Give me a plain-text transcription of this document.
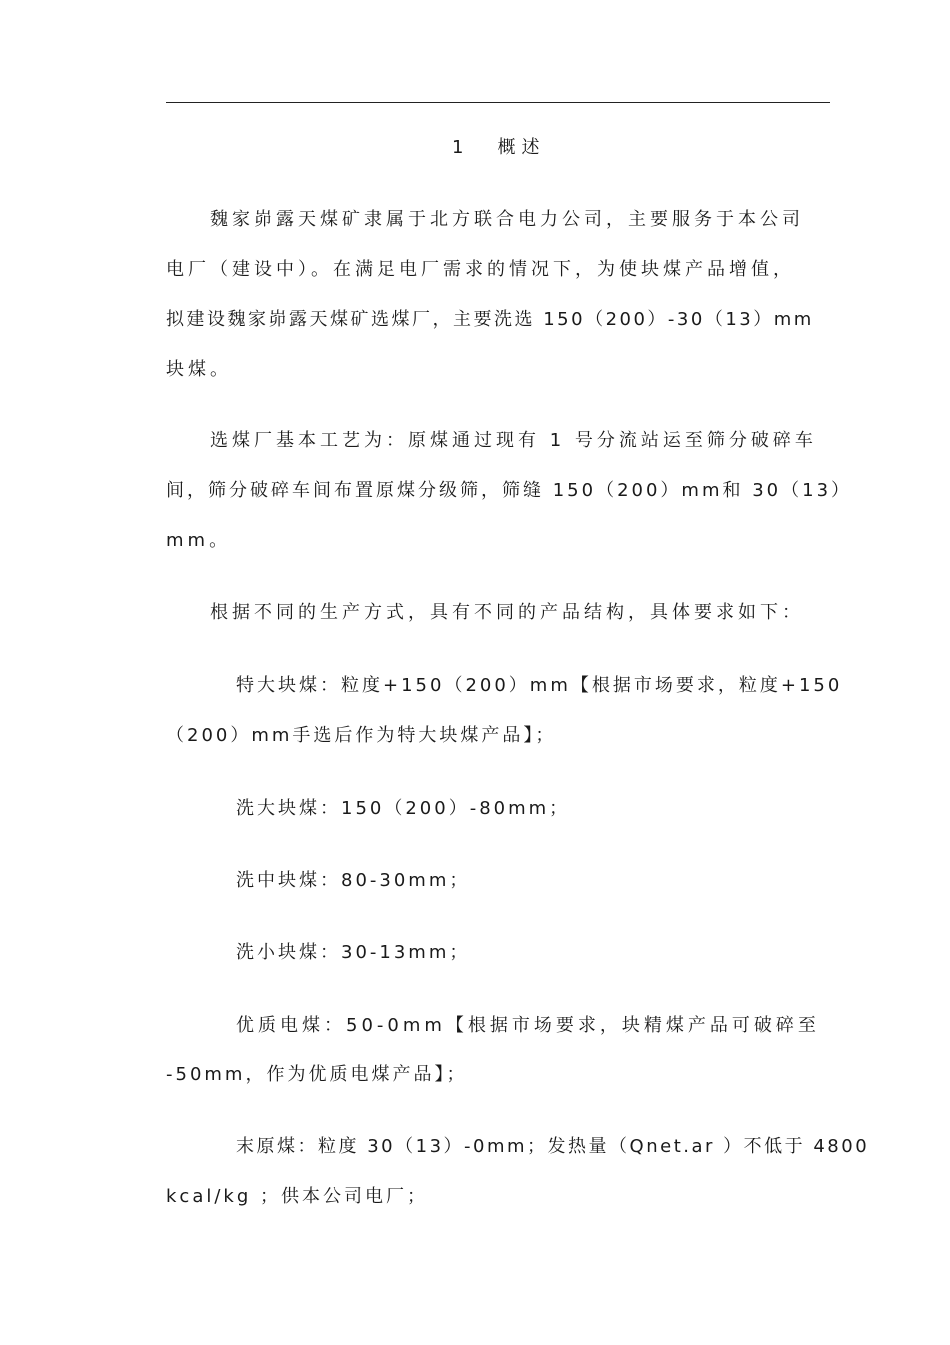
1 概述
魏家峁露天煤矿隶属于北方联合电力公司，主要服务于本公司
电厂（建设中）。在满足电厂需求的情况下，为使块煤产品增值，
拟建设魏家峁露天煤矿选煤厂，主要洗选 150（200）-30（13）mm
块煤。
选煤厂基本工艺为：原煤通过现有 1 号分流站运至筛分破碎车
间，筛分破碎车间布置原煤分级筛，筛缝 150（200）mm和 30（13）
mm。
根据不同的生产方式，具有不同的产品结构，具体要求如下：
特大块煤：粒度+150（200）mm【根据市场要求，粒度+150
（200）mm手选后作为特大块煤产品】；
洗大块煤：150（200）-80mm；
洗中块煤：80-30mm；
洗小块煤：30-13mm；
优质电煤：50-0mm【根据市场要求，块精煤产品可破碎至
-50mm，作为优质电煤产品】；
末原煤：粒度 30（13）-0mm；发热量（Qnet.ar ）不低于 4800
kcal/kg ；供本公司电厂；
